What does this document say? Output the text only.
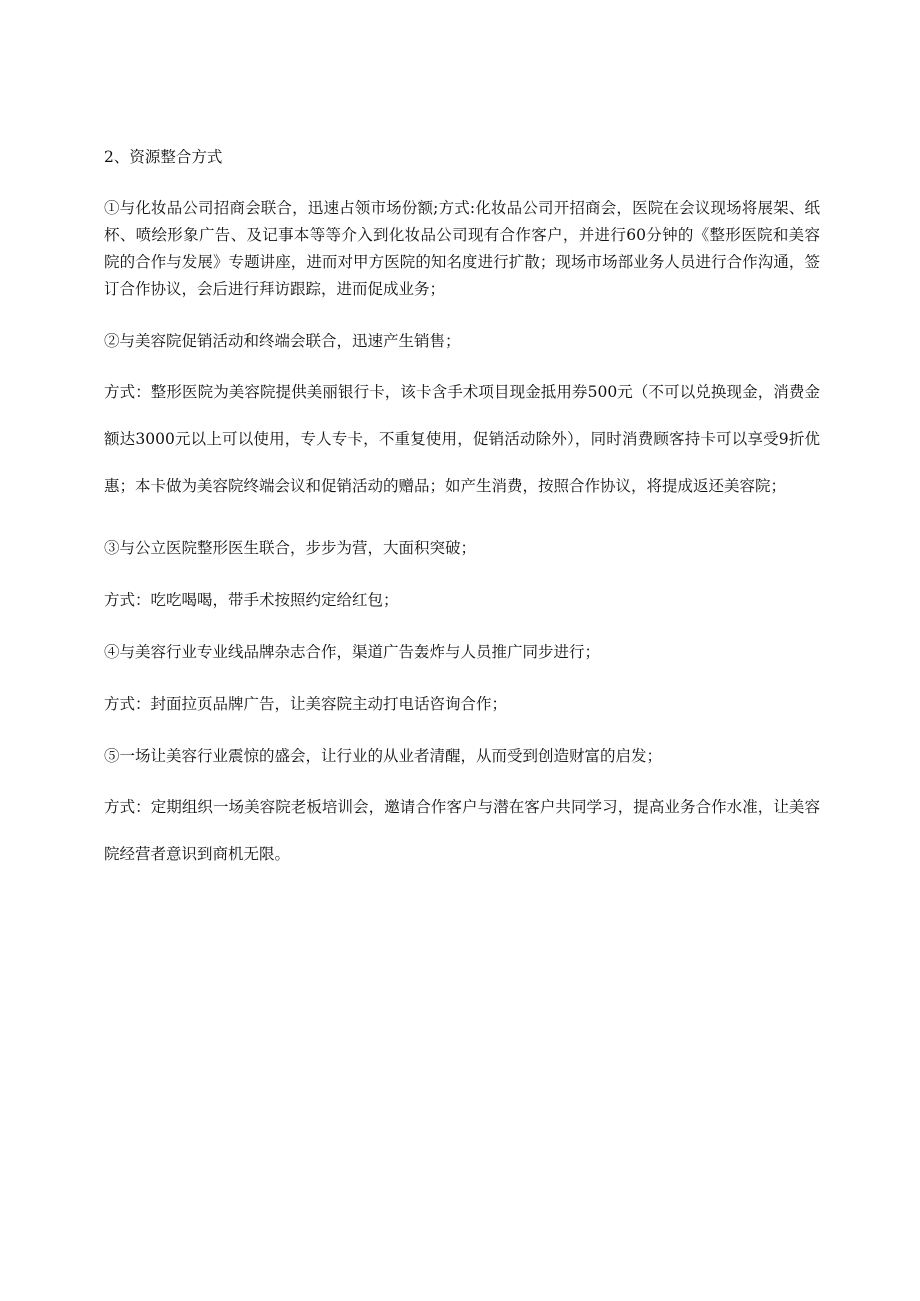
2、资源整合方式

①与化妆品公司招商会联合，迅速占领市场份额;方式:化妆品公司开招商会，医院在会议现场将展架、纸杯、喷绘形象广告、及记事本等等介入到化妆品公司现有合作客户，并进行60分钟的《整形医院和美容院的合作与发展》专题讲座，进而对甲方医院的知名度进行扩散；现场市场部业务人员进行合作沟通，签订合作协议，会后进行拜访跟踪，进而促成业务；

②与美容院促销活动和终端会联合，迅速产生销售；

方式：整形医院为美容院提供美丽银行卡，该卡含手术项目现金抵用券500元（不可以兑换现金，消费金额达3000元以上可以使用，专人专卡，不重复使用，促销活动除外），同时消费顾客持卡可以享受9折优惠；本卡做为美容院终端会议和促销活动的赠品；如产生消费，按照合作协议，将提成返还美容院；

③与公立医院整形医生联合，步步为营，大面积突破；

方式：吃吃喝喝，带手术按照约定给红包；

④与美容行业专业线品牌杂志合作，渠道广告轰炸与人员推广同步进行；

方式：封面拉页品牌广告，让美容院主动打电话咨询合作；

⑤一场让美容行业震惊的盛会，让行业的从业者清醒，从而受到创造财富的启发；

方式：定期组织一场美容院老板培训会，邀请合作客户与潜在客户共同学习，提高业务合作水准，让美容院经营者意识到商机无限。
